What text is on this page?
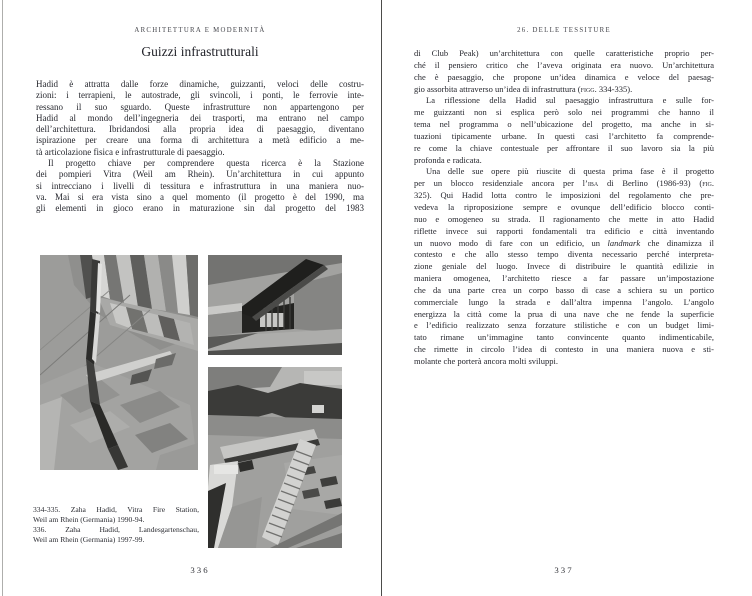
ARCHITETTURA E MODERNITÀ
Guizzi infrastrutturali
Hadid è attratta dalle forze dinamiche, guizzanti, veloci delle costru-
zioni: i terrapieni, le autostrade, gli svincoli, i ponti, le ferrovie inte-
ressano il suo sguardo. Queste infrastrutture non appartengono per
Hadid al mondo dell’ingegneria dei trasporti, ma entrano nel campo
dell’architettura. Ibridandosi alla propria idea di paesaggio, diventano
ispirazione per creare una forma di architettura a metà edificio a me-
tà articolazione fisica e infrastrutturale di paesaggio.
Il progetto chiave per comprendere questa ricerca è la Stazione
dei pompieri Vitra (Weil am Rhein). Un’architettura in cui appunto
si intrecciano i livelli di tessitura e infrastruttura in una maniera nuo-
va. Mai si era vista sino a quel momento (il progetto è del 1990, ma
gli elementi in gioco erano in maturazione sin dal progetto del 1983
334-335. Zaha Hadid, Vitra Fire Station,
Weil am Rhein (Germania) 1990-94.
336. Zaha Hadid, Landesgartenschau,
Weil am Rhein (Germania) 1997-99.
336
26. DELLE TESSITURE
di Club Peak) un’architettura con quelle caratteristiche proprio per-
ché il pensiero critico che l’aveva originata era nuovo. Un’architettura
che è paesaggio, che propone un’idea dinamica e veloce del paesag-
gio assorbita attraverso un’idea di infrastruttura (figg. 334-335).
La riflessione della Hadid sul paesaggio infrastruttura e sulle for-
me guizzanti non si esplica però solo nei programmi che hanno il
tema nel programma o nell’ubicazione del progetto, ma anche in si-
tuazioni tipicamente urbane. In questi casi l’architetto fa comprende-
re come la chiave contestuale per affrontare il suo lavoro sia la più
profonda e radicata.
Una delle sue opere più riuscite di questa prima fase è il progetto
per un blocco residenziale ancora per l’iba di Berlino (1986-93) (fig.
325). Qui Hadid lotta contro le imposizioni del regolamento che pre-
vedeva la riproposizione sempre e ovunque dell’edificio blocco conti-
nuo e omogeneo su strada. Il ragionamento che mette in atto Hadid
riflette invece sui rapporti fondamentali tra edificio e città inventando
un nuovo modo di fare con un edificio, un landmark che dinamizza il
contesto e che allo stesso tempo diventa necessario perché interpreta-
zione geniale del luogo. Invece di distribuire le quantità edilizie in
maniera omogenea, l’architetto riesce a far passare un’impostazione
che da una parte crea un corpo basso di case a schiera su un portico
commerciale lungo la strada e dall’altra impenna l’angolo. L’angolo
energizza la città come la prua di una nave che ne fende la superficie
e l’edificio realizzato senza forzature stilistiche e con un budget limi-
tato rimane un’immagine tanto convincente quanto indimenticabile,
che rimette in circolo l’idea di contesto in una maniera nuova e sti-
molante che porterà ancora molti sviluppi.
337
